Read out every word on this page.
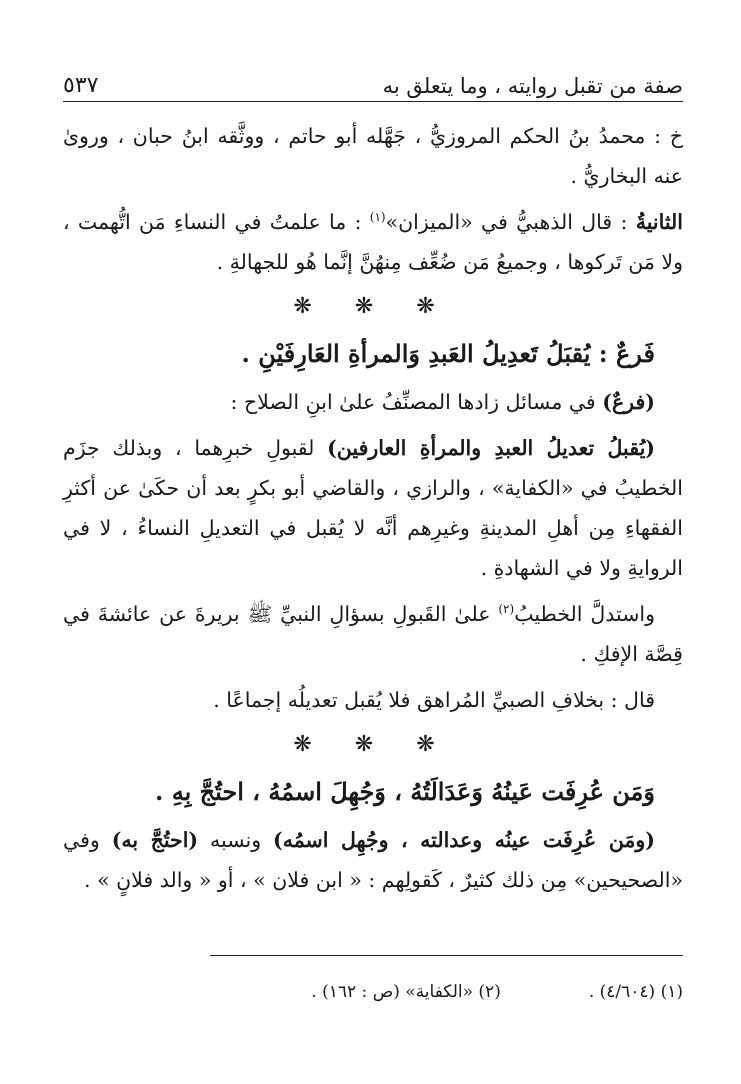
صفة من تقبل روايته ، وما يتعلق به
٥٣٧

خ : محمدُ بنُ الحكم المروزيُّ ، جَهَّله أبو حاتم ، ووثَّقه ابنُ حبان ، وروىٰ عنه البخاريُّ .

الثانيةُ : قال الذهبيُّ في «الميزان»$^{(١)}$ : ما علمتُ في النساءِ مَن اتُّهمت ، ولا مَن تَركوها ، وجميعُ مَن ضُعِّف مِنهُنَّ إنَّما هُو للجهالةِ .

❋ ❋ ❋
فَرعٌ : يُقبَلُ تَعدِيلُ العَبدِ وَالمرأةِ العَارِفَيْنِ .

(فرعٌ) في مسائل زادها المصنِّفُ علىٰ ابنِ الصلاح :

(يُقبلُ تعديلُ العبدِ والمرأةِ العارفين) لقبولِ خبرِهما ، وبذلك جزَم الخطيبُ في «الكفاية» ، والرازي ، والقاضي أبو بكرٍ بعد أن حكَىٰ عن أكثرِ الفقهاءِ مِن أهلِ المدينةِ وغيرِهم أنَّه لا يُقبل في التعديلِ النساءُ ، لا في الروايةِ ولا في الشهادةِ .

واستدلَّ الخطيبُ$^{(٢)}$ علىٰ القَبولِ بسؤالِ النبيِّ ﷺ بريرةَ عن عائشةَ في قِصَّة الإفكِ .

قال : بخلافِ الصبيِّ المُراهق فلا يُقبل تعديلُه إجماعًا .

❋ ❋ ❋
وَمَن عُرِفَت عَينُهُ وَعَدَالَتُهُ ، وَجُهِلَ اسمُهُ ، احتُجَّ بِهِ .

(ومَن عُرِفَت عينُه وعدالته ، وجُهِل اسمُه) ونسبه (احتُجَّ به) وفي «الصحيحين» مِن ذلك كثيرٌ ، كَقولِهم : « ابن فلان » ، أو « والد فلانٍ » .

(١) (٤/٦٠٤) .
(٢) «الكفاية» (ص : ١٦٢) .
